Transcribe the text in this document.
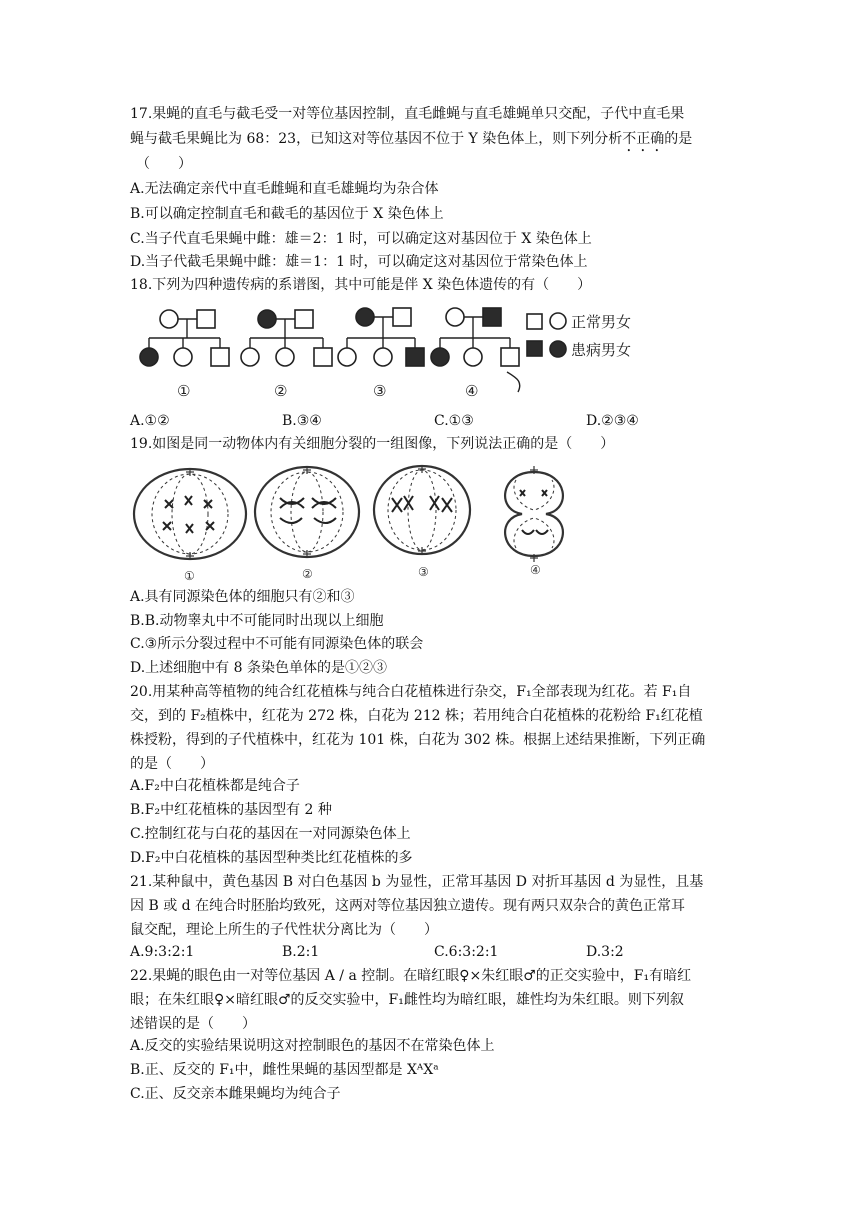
17.果蝇的直毛与截毛受一对等位基因控制，直毛雌蝇与直毛雄蝇单只交配，子代中直毛果
蝇与截毛果蝇比为 68：23，已知这对等位基因不位于 Y 染色体上，则下列分析不正确的是
（　　）
A.无法确定亲代中直毛雌蝇和直毛雄蝇均为杂合体
B.可以确定控制直毛和截毛的基因位于 X 染色体上
C.当子代直毛果蝇中雌：雄＝2：1 时，可以确定这对基因位于 X 染色体上
D.当子代截毛果蝇中雌：雄＝1：1 时，可以确定这对基因位于常染色体上
18.下列为四种遗传病的系谱图，其中可能是伴 X 染色体遗传的有（　　）
正常男女
患病男女
①	②	③	④
A.①②	B.③④	C.①③	D.②③④
19.如图是同一动物体内有关细胞分裂的一组图像，下列说法正确的是（　　）
①	②	③	④
A.具有同源染色体的细胞只有②和③
B.B.动物睾丸中不可能同时出现以上细胞
C.③所示分裂过程中不可能有同源染色体的联会
D.上述细胞中有 8 条染色单体的是①②③
20.用某种高等植物的纯合红花植株与纯合白花植株进行杂交，F₁全部表现为红花。若 F₁自
交，到的 F₂植株中，红花为 272 株，白花为 212 株；若用纯合白花植株的花粉给 F₁红花植
株授粉，得到的子代植株中，红花为 101 株，白花为 302 株。根据上述结果推断，下列正确
的是（　　）
A.F₂中白花植株都是纯合子
B.F₂中红花植株的基因型有 2 种
C.控制红花与白花的基因在一对同源染色体上
D.F₂中白花植株的基因型种类比红花植株的多
21.某种鼠中，黄色基因 B 对白色基因 b 为显性，正常耳基因 D 对折耳基因 d 为显性，且基
因 B 或 d 在纯合时胚胎均致死，这两对等位基因独立遗传。现有两只双杂合的黄色正常耳
鼠交配，理论上所生的子代性状分离比为（　　）
A.9:3:2:1	B.2:1	C.6:3:2:1	D.3:2
22.果蝇的眼色由一对等位基因 A / a 控制。在暗红眼♀×朱红眼♂的正交实验中，F₁有暗红
眼；在朱红眼♀×暗红眼♂的反交实验中，F₁雌性均为暗红眼，雄性均为朱红眼。则下列叙
述错误的是（　　）
A.反交的实验结果说明这对控制眼色的基因不在常染色体上
B.正、反交的 F₁中，雌性果蝇的基因型都是 XᴬXᵃ
C.正、反交亲本雌果蝇均为纯合子
